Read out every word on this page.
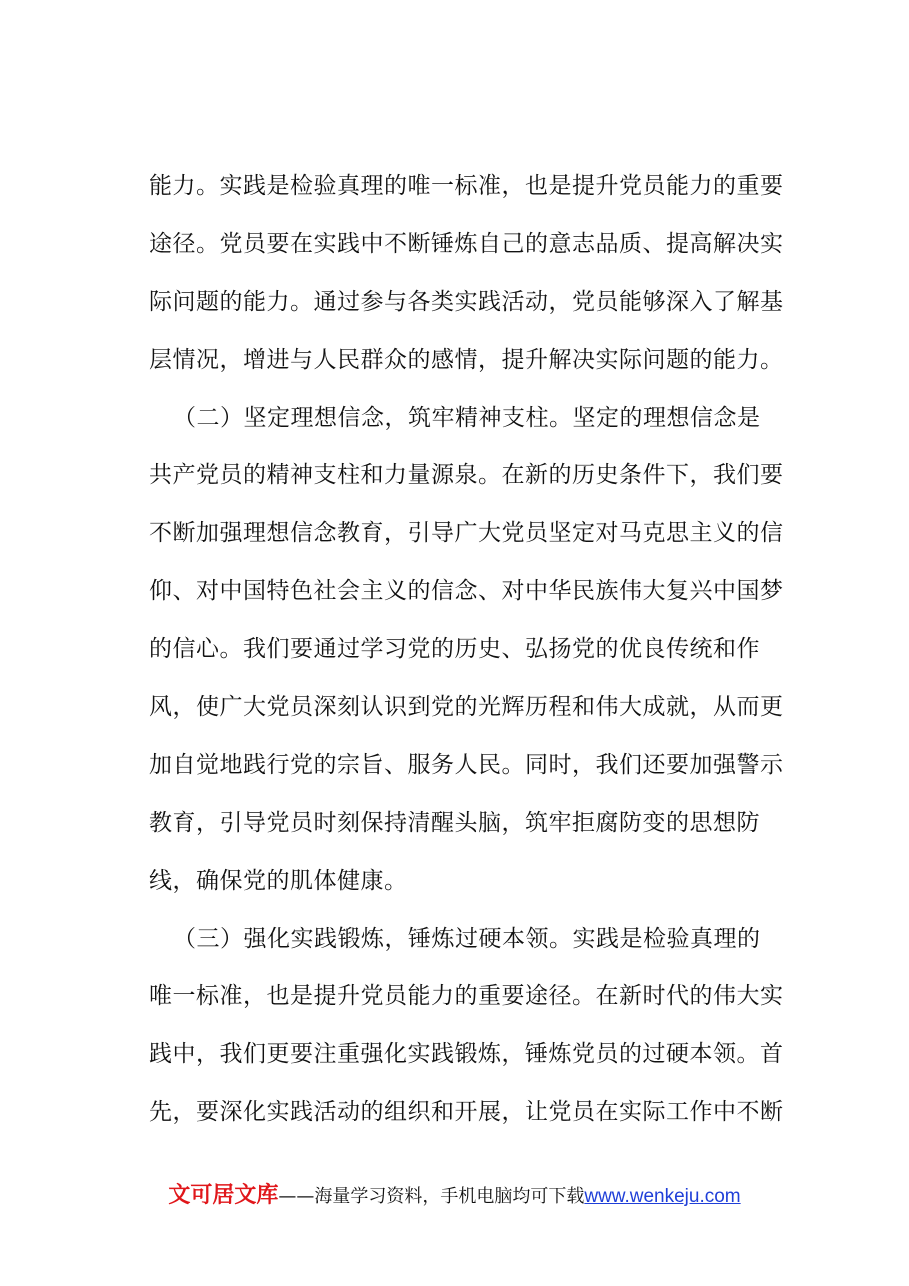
能力。实践是检验真理的唯一标准，也是提升党员能力的重要
途径。党员要在实践中不断锤炼自己的意志品质、提高解决实
际问题的能力。通过参与各类实践活动，党员能够深入了解基
层情况，增进与人民群众的感情，提升解决实际问题的能力。
（二）坚定理想信念，筑牢精神支柱。坚定的理想信念是
共产党员的精神支柱和力量源泉。在新的历史条件下，我们要
不断加强理想信念教育，引导广大党员坚定对马克思主义的信
仰、对中国特色社会主义的信念、对中华民族伟大复兴中国梦
的信心。我们要通过学习党的历史、弘扬党的优良传统和作
风，使广大党员深刻认识到党的光辉历程和伟大成就，从而更
加自觉地践行党的宗旨、服务人民。同时，我们还要加强警示
教育，引导党员时刻保持清醒头脑，筑牢拒腐防变的思想防
线，确保党的肌体健康。
（三）强化实践锻炼，锤炼过硬本领。实践是检验真理的
唯一标准，也是提升党员能力的重要途径。在新时代的伟大实
践中，我们更要注重强化实践锻炼，锤炼党员的过硬本领。首
先，要深化实践活动的组织和开展，让党员在实际工作中不断
文可居文库——海量学习资料，手机电脑均可下载www.wenkeju.com
